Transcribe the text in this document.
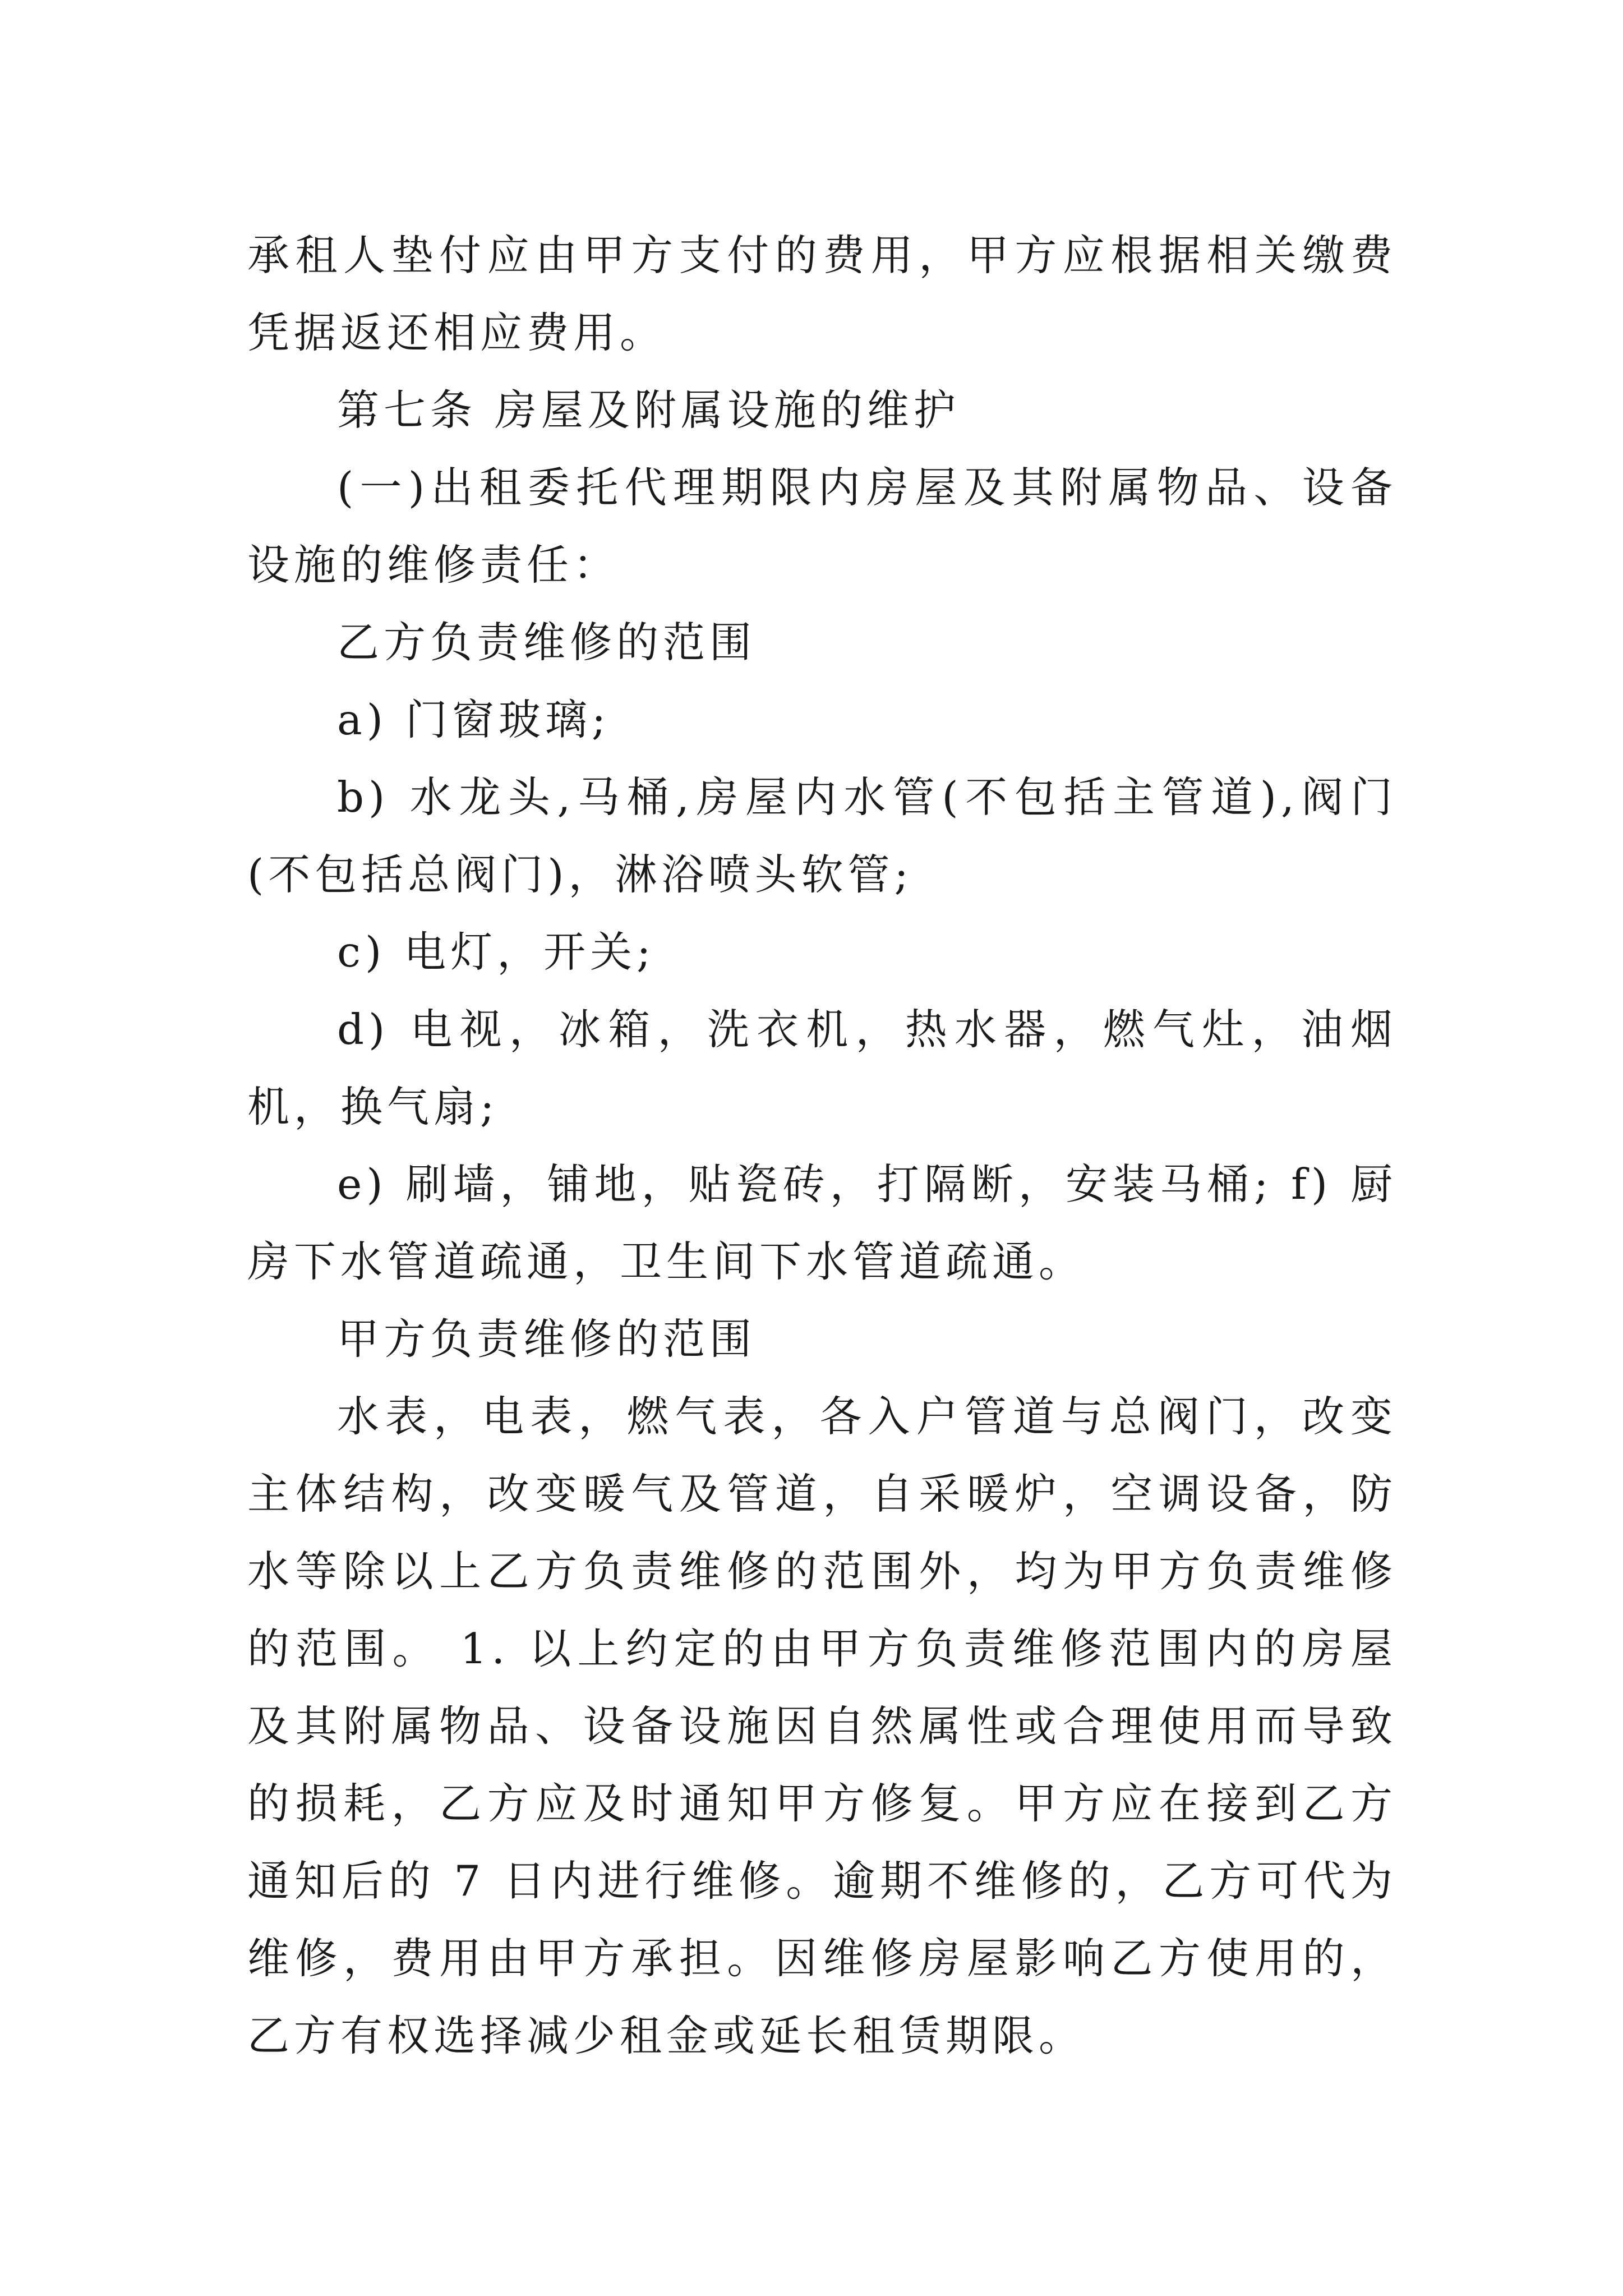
承租人垫付应由甲方支付的费用，甲方应根据相关缴费凭据返还相应费用。

第七条 房屋及附属设施的维护

(一)出租委托代理期限内房屋及其附属物品、设备设施的维修责任：

乙方负责维修的范围

a) 门窗玻璃;

b) 水龙头,马桶,房屋内水管(不包括主管道),阀门(不包括总阀门)，淋浴喷头软管;

c) 电灯，开关;

d) 电视，冰箱，洗衣机，热水器，燃气灶，油烟机，换气扇;

e) 刷墙，铺地，贴瓷砖，打隔断，安装马桶; f) 厨房下水管道疏通，卫生间下水管道疏通。

甲方负责维修的范围

水表，电表，燃气表，各入户管道与总阀门，改变主体结构，改变暖气及管道，自采暖炉，空调设备，防水等除以上乙方负责维修的范围外，均为甲方负责维修的范围。 1. 以上约定的由甲方负责维修范围内的房屋及其附属物品、设备设施因自然属性或合理使用而导致的损耗，乙方应及时通知甲方修复。甲方应在接到乙方通知后的 7 日内进行维修。逾期不维修的，乙方可代为维修，费用由甲方承担。因维修房屋影响乙方使用的，乙方有权选择减少租金或延长租赁期限。
